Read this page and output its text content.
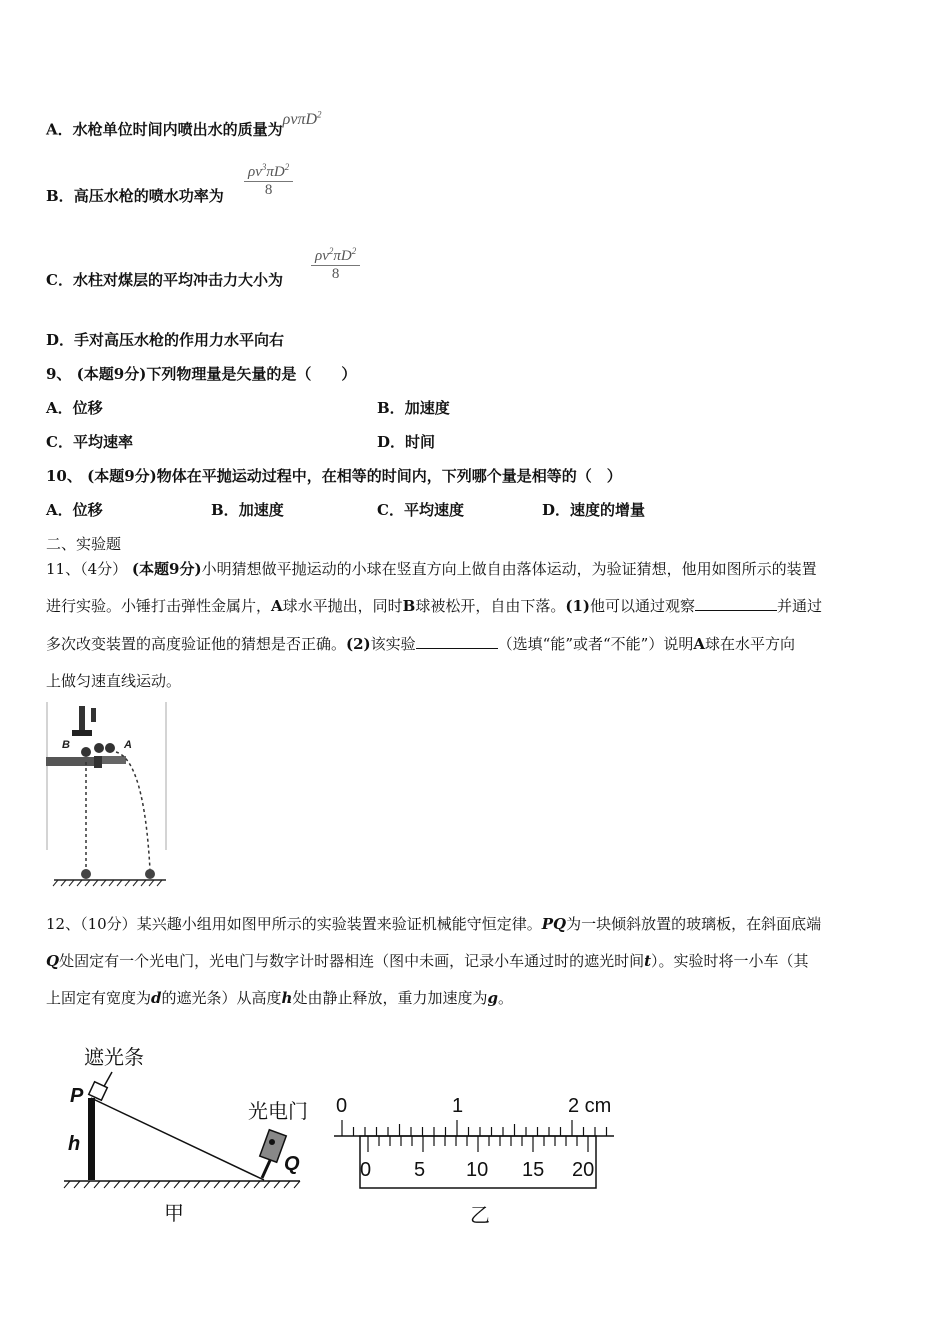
A．水枪单位时间内喷出水的质量为ρvπD$^2$
B．高压水枪的喷水功率为 $\frac{\rho v^3\pi D^2}{8}$
C．水柱对煤层的平均冲击力大小为 $\frac{\rho v^2\pi D^2}{8}$
D．手对高压水枪的作用力水平向右
9、 (本题9分)下列物理量是矢量的是（　　）
A．位移	B．加速度
C．平均速率	D．时间
10、 (本题9分)物体在平抛运动过程中，在相等的时间内，下列哪个量是相等的（　）
A．位移	B．加速度	C．平均速度	D．速度的增量
二、实验题
11、（4分） (本题9分)小明猜想做平抛运动的小球在竖直方向上做自由落体运动，为验证猜想，他用如图所示的装置
进行实验。小锤打击弹性金属片，A球水平抛出，同时B球被松开，自由下落。(1)他可以通过观察	并通过
多次改变装置的高度验证他的猜想是否正确。(2)该实验	（选填“能”或者“不能”）说明A球在水平方向
上做匀速直线运动。
B	A
12、（10分）某兴趣小组用如图甲所示的实验装置来验证机械能守恒定律。PQ为一块倾斜放置的玻璃板，在斜面底端
Q处固定有一个光电门，光电门与数字计时器相连（图中未画，记录小车通过时的遮光时间t）。实验时将一小车（其
上固定有宽度为d的遮光条）从高度h处由静止释放，重力加速度为g。
遮光条
P
h
光电门
Q
甲
0	1	2 cm
0 5 10 15 20
乙
